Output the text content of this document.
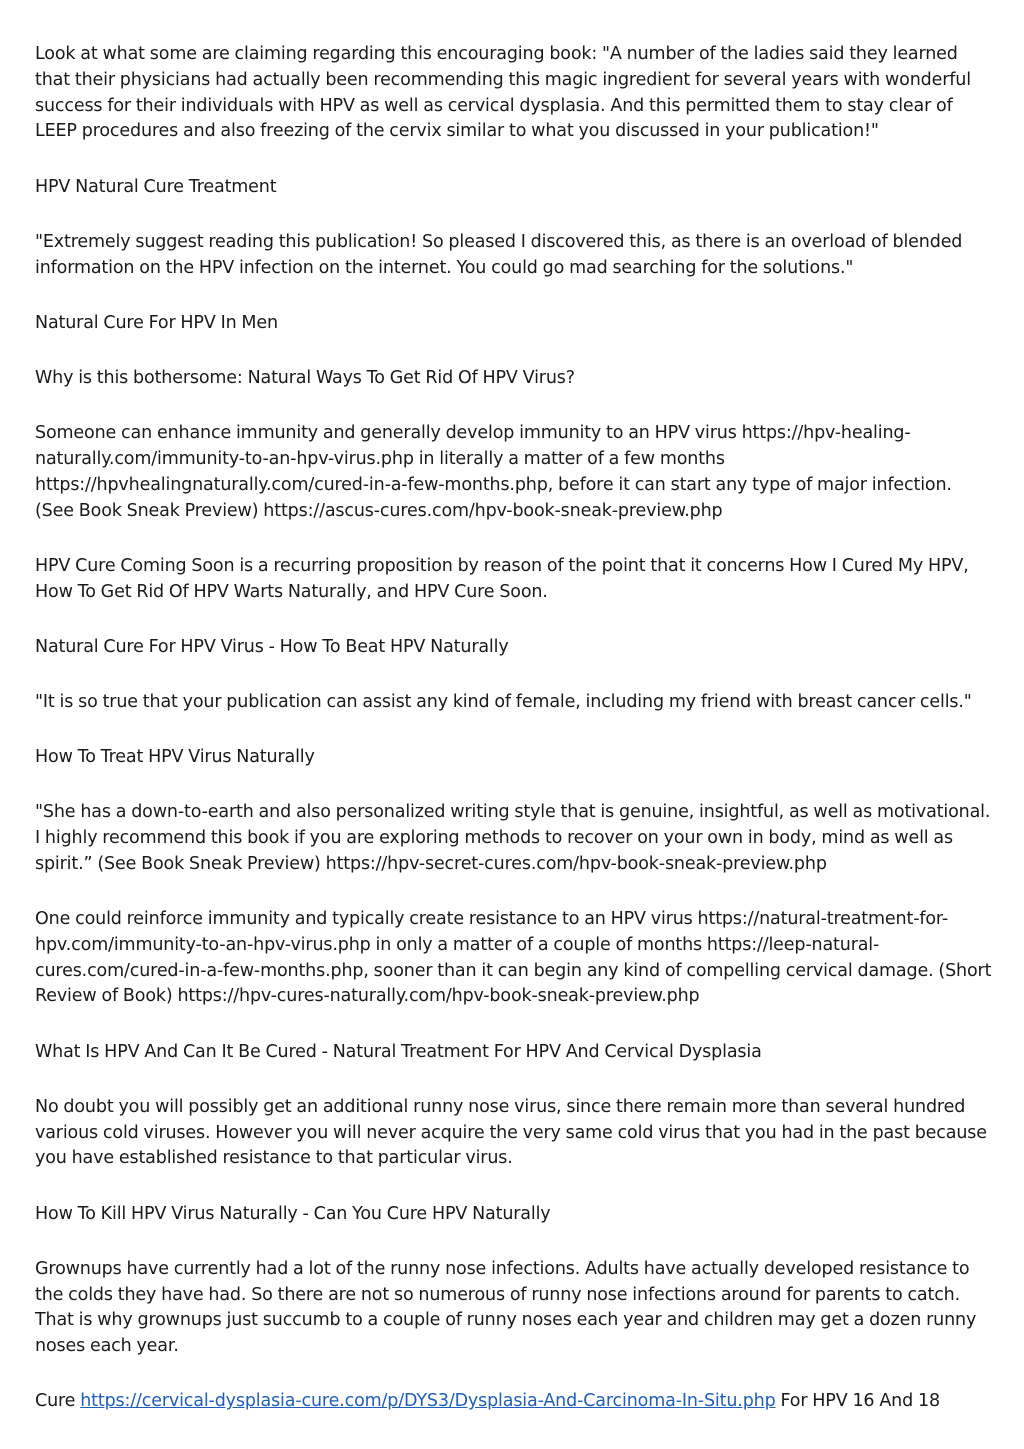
Look at what some are claiming regarding this encouraging book: "A number of the ladies said they learned that their physicians had actually been recommending this magic ingredient for several years with wonderful success for their individuals with HPV as well as cervical dysplasia. And this permitted them to stay clear of LEEP procedures and also freezing of the cervix similar to what you discussed in your publication!"

HPV Natural Cure Treatment

"Extremely suggest reading this publication! So pleased I discovered this, as there is an overload of blended information on the HPV infection on the internet. You could go mad searching for the solutions."

Natural Cure For HPV In Men

Why is this bothersome: Natural Ways To Get Rid Of HPV Virus?

Someone can enhance immunity and generally develop immunity to an HPV virus https://hpv-healing-naturally.com/immunity-to-an-hpv-virus.php in literally a matter of a few months https://hpvhealingnaturally.com/cured-in-a-few-months.php, before it can start any type of major infection. (See Book Sneak Preview) https://ascus-cures.com/hpv-book-sneak-preview.php

HPV Cure Coming Soon is a recurring proposition by reason of the point that it concerns How I Cured My HPV, How To Get Rid Of HPV Warts Naturally, and HPV Cure Soon.

Natural Cure For HPV Virus - How To Beat HPV Naturally

"It is so true that your publication can assist any kind of female, including my friend with breast cancer cells."

How To Treat HPV Virus Naturally

"She has a down-to-earth and also personalized writing style that is genuine, insightful, as well as motivational. I highly recommend this book if you are exploring methods to recover on your own in body, mind as well as spirit.” (See Book Sneak Preview) https://hpv-secret-cures.com/hpv-book-sneak-preview.php

One could reinforce immunity and typically create resistance to an HPV virus https://natural-treatment-for-hpv.com/immunity-to-an-hpv-virus.php in only a matter of a couple of months https://leep-natural-cures.com/cured-in-a-few-months.php, sooner than it can begin any kind of compelling cervical damage. (Short Review of Book) https://hpv-cures-naturally.com/hpv-book-sneak-preview.php

What Is HPV And Can It Be Cured - Natural Treatment For HPV And Cervical Dysplasia

No doubt you will possibly get an additional runny nose virus, since there remain more than several hundred various cold viruses. However you will never acquire the very same cold virus that you had in the past because you have established resistance to that particular virus.

How To Kill HPV Virus Naturally - Can You Cure HPV Naturally

Grownups have currently had a lot of the runny nose infections. Adults have actually developed resistance to the colds they have had. So there are not so numerous of runny nose infections around for parents to catch. That is why grownups just succumb to a couple of runny noses each year and children may get a dozen runny noses each year.

Cure https://cervical-dysplasia-cure.com/p/DYS3/Dysplasia-And-Carcinoma-In-Situ.php For HPV 16 And 18
